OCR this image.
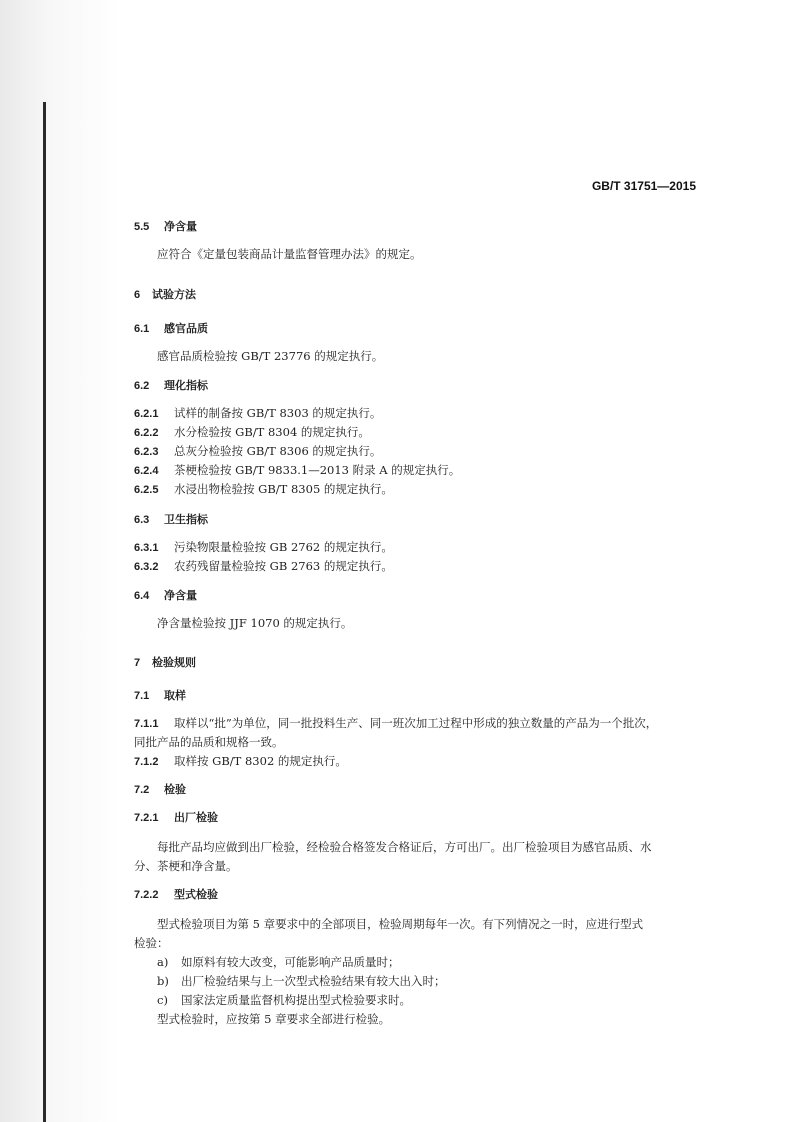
GB/T 31751—2015
5.5 净含量
应符合《定量包装商品计量监督管理办法》的规定。
6 试验方法
6.1 感官品质
感官品质检验按 GB/T 23776 的规定执行。
6.2 理化指标
6.2.1 试样的制备按 GB/T 8303 的规定执行。
6.2.2 水分检验按 GB/T 8304 的规定执行。
6.2.3 总灰分检验按 GB/T 8306 的规定执行。
6.2.4 茶梗检验按 GB/T 9833.1—2013 附录 A 的规定执行。
6.2.5 水浸出物检验按 GB/T 8305 的规定执行。
6.3 卫生指标
6.3.1 污染物限量检验按 GB 2762 的规定执行。
6.3.2 农药残留量检验按 GB 2763 的规定执行。
6.4 净含量
净含量检验按 JJF 1070 的规定执行。
7 检验规则
7.1 取样
7.1.1 取样以“批”为单位，同一批投料生产、同一班次加工过程中形成的独立数量的产品为一个批次，
同批产品的品质和规格一致。
7.1.2 取样按 GB/T 8302 的规定执行。
7.2 检验
7.2.1 出厂检验
每批产品均应做到出厂检验，经检验合格签发合格证后，方可出厂。出厂检验项目为感官品质、水
分、茶梗和净含量。
7.2.2 型式检验
型式检验项目为第 5 章要求中的全部项目，检验周期每年一次。有下列情况之一时，应进行型式
检验：
a) 如原料有较大改变，可能影响产品质量时；
b) 出厂检验结果与上一次型式检验结果有较大出入时；
c) 国家法定质量监督机构提出型式检验要求时。
型式检验时，应按第 5 章要求全部进行检验。
